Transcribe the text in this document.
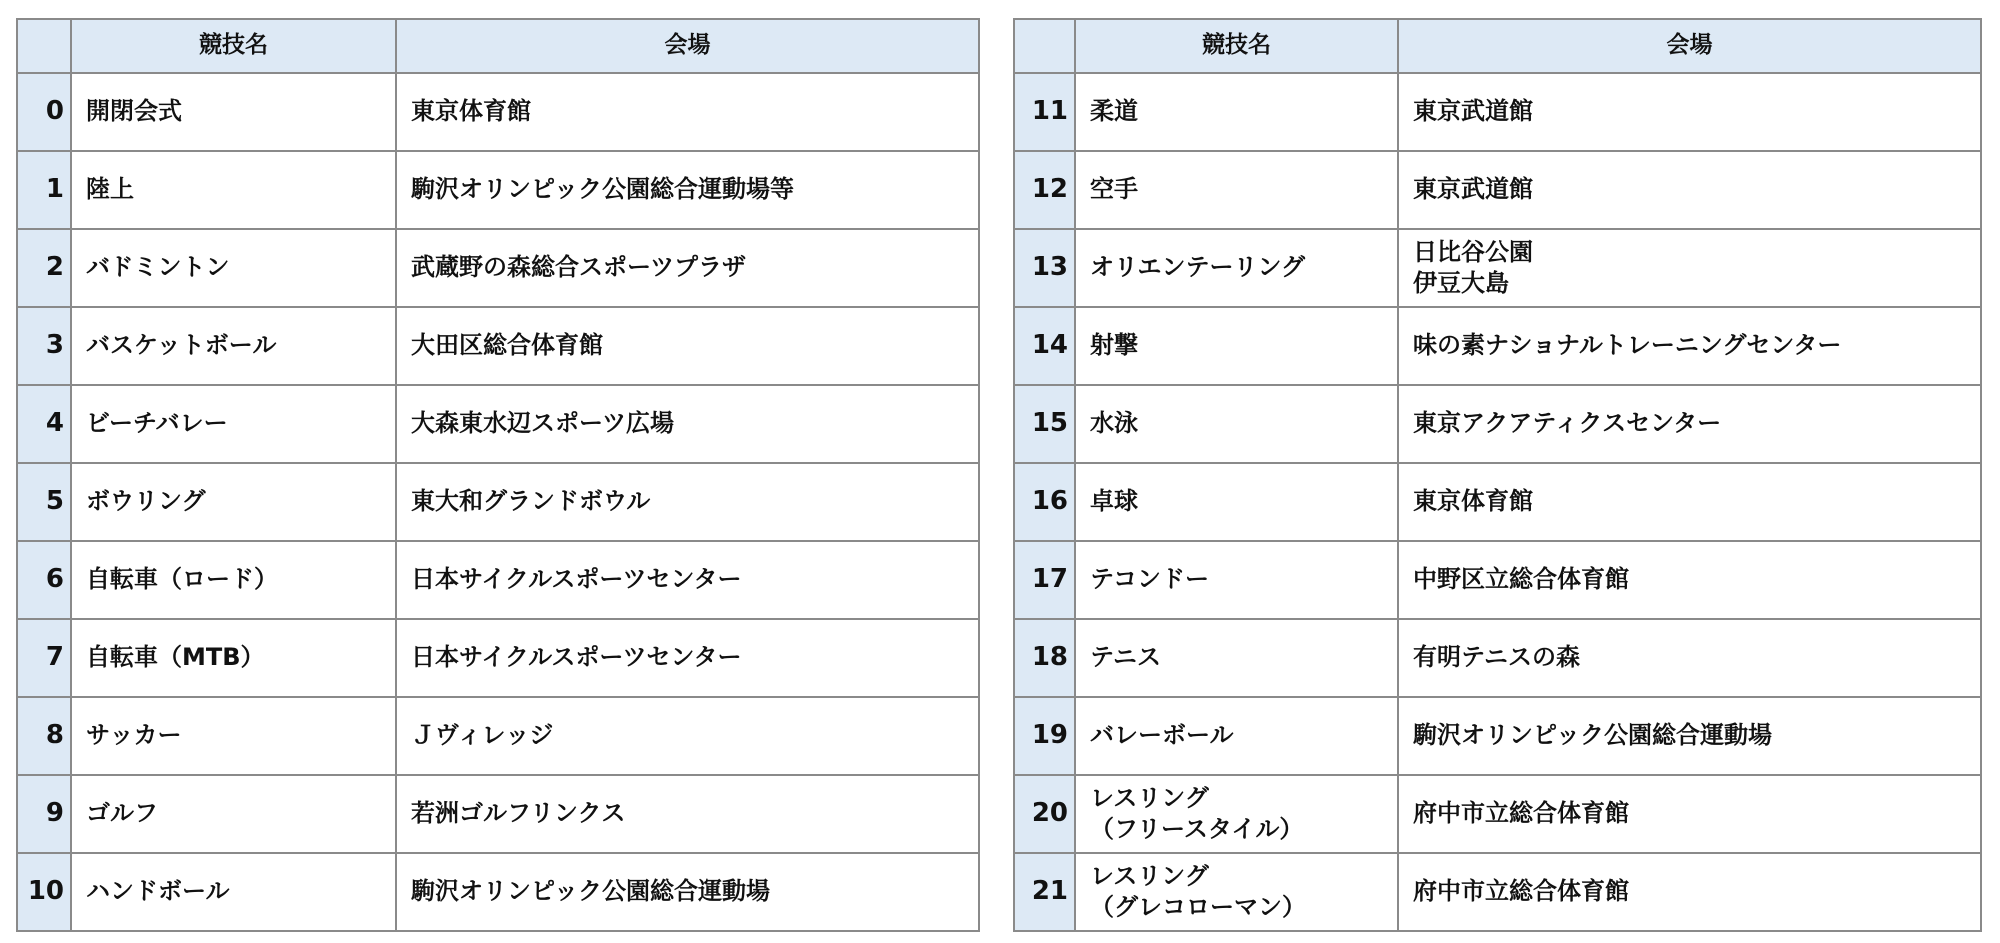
	競技名	会場
0	開閉会式	東京体育館

1	陸上	駒沢オリンピック公園総合運動場等

2	バドミントン	武蔵野の森総合スポーツプラザ

3	バスケットボール	大田区総合体育館

4	ビーチバレー	大森東水辺スポーツ広場

5	ボウリング	東大和グランドボウル

6	自転車（ロード）	日本サイクルスポーツセンター

7	自転車（MTB）	日本サイクルスポーツセンター

8	サッカー	Ｊヴィレッジ

9	ゴルフ	若洲ゴルフリンクス

10	ハンドボール	駒沢オリンピック公園総合運動場
	競技名	会場
11	柔道	東京武道館

12	空手	東京武道館

13	オリエンテーリング	日比谷公園
伊豆大島

14	射撃	味の素ナショナルトレーニングセンター

15	水泳	東京アクアティクスセンター

16	卓球	東京体育館

17	テコンドー	中野区立総合体育館

18	テニス	有明テニスの森

19	バレーボール	駒沢オリンピック公園総合運動場

20	レスリング
（フリースタイル）	府中市立総合体育館

21	レスリング
（グレコローマン）	府中市立総合体育館
